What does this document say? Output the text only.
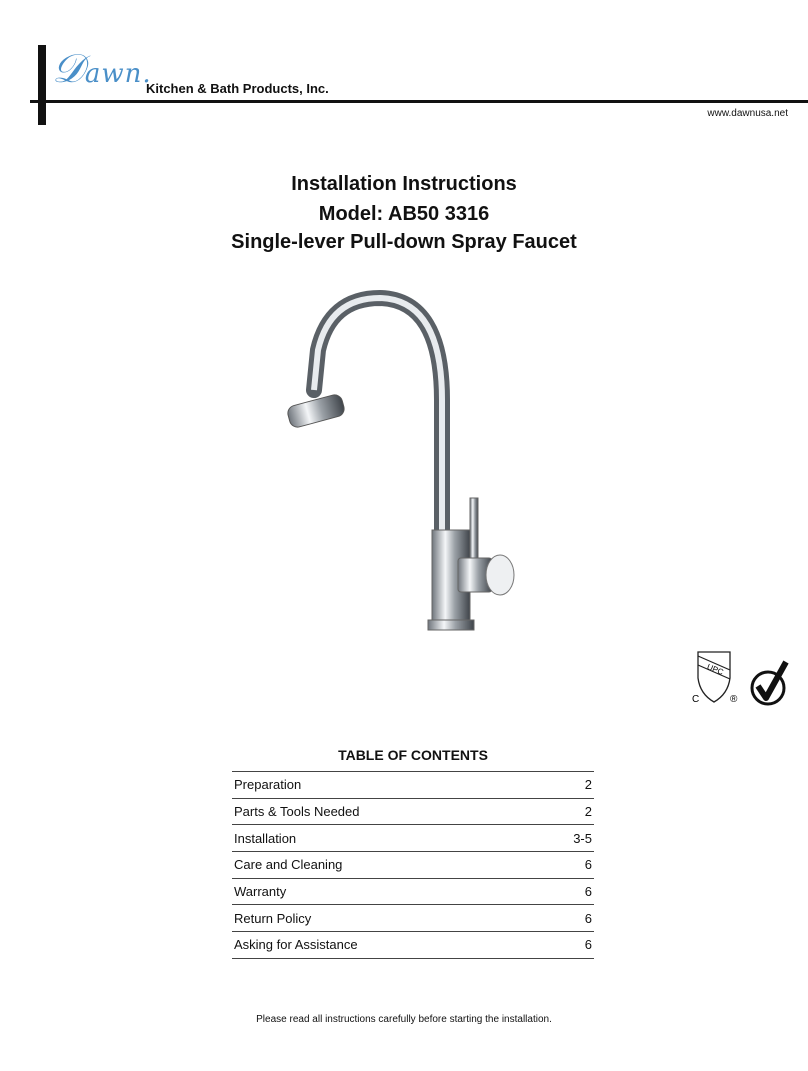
𝒟awn.
Kitchen & Bath Products, Inc.
www.dawnusa.net
Installation Instructions
Model: AB50 3316
Single-lever Pull-down Spray Faucet
UPC
C	®
TABLE OF CONTENTS
Preparation	2
Parts & Tools Needed	2
Installation	3-5
Care and Cleaning	6
Warranty	6
Return Policy	6
Asking for Assistance	6
Please read all instructions carefully before starting the installation.
